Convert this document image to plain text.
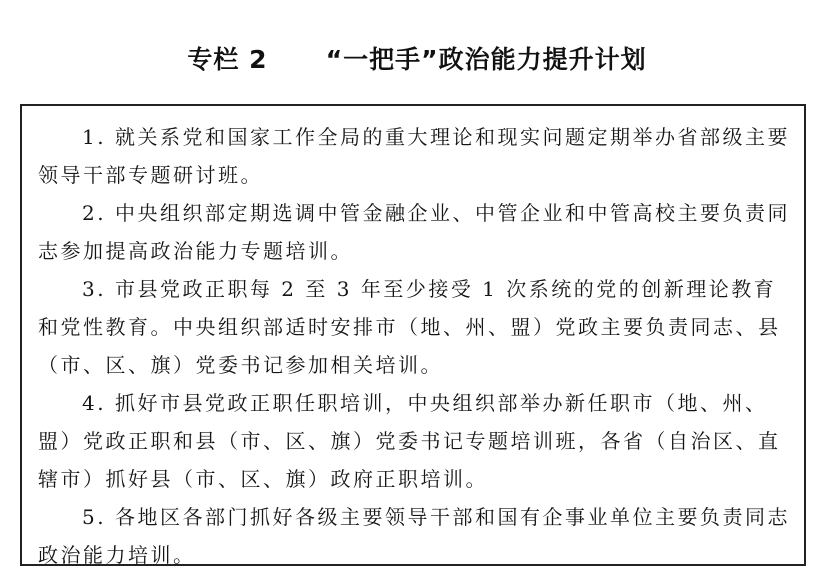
专栏 2 “一把手”政治能力提升计划

1. 就关系党和国家工作全局的重大理论和现实问题定期举办省部级主要领导干部专题研讨班。

2. 中央组织部定期选调中管金融企业、中管企业和中管高校主要负责同志参加提高政治能力专题培训。

3. 市县党政正职每 2 至 3 年至少接受 1 次系统的党的创新理论教育和党性教育。中央组织部适时安排市（地、州、盟）党政主要负责同志、县（市、区、旗）党委书记参加相关培训。

4. 抓好市县党政正职任职培训，中央组织部举办新任职市（地、州、盟）党政正职和县（市、区、旗）党委书记专题培训班，各省（自治区、直辖市）抓好县（市、区、旗）政府正职培训。

5. 各地区各部门抓好各级主要领导干部和国有企事业单位主要负责同志政治能力培训。
